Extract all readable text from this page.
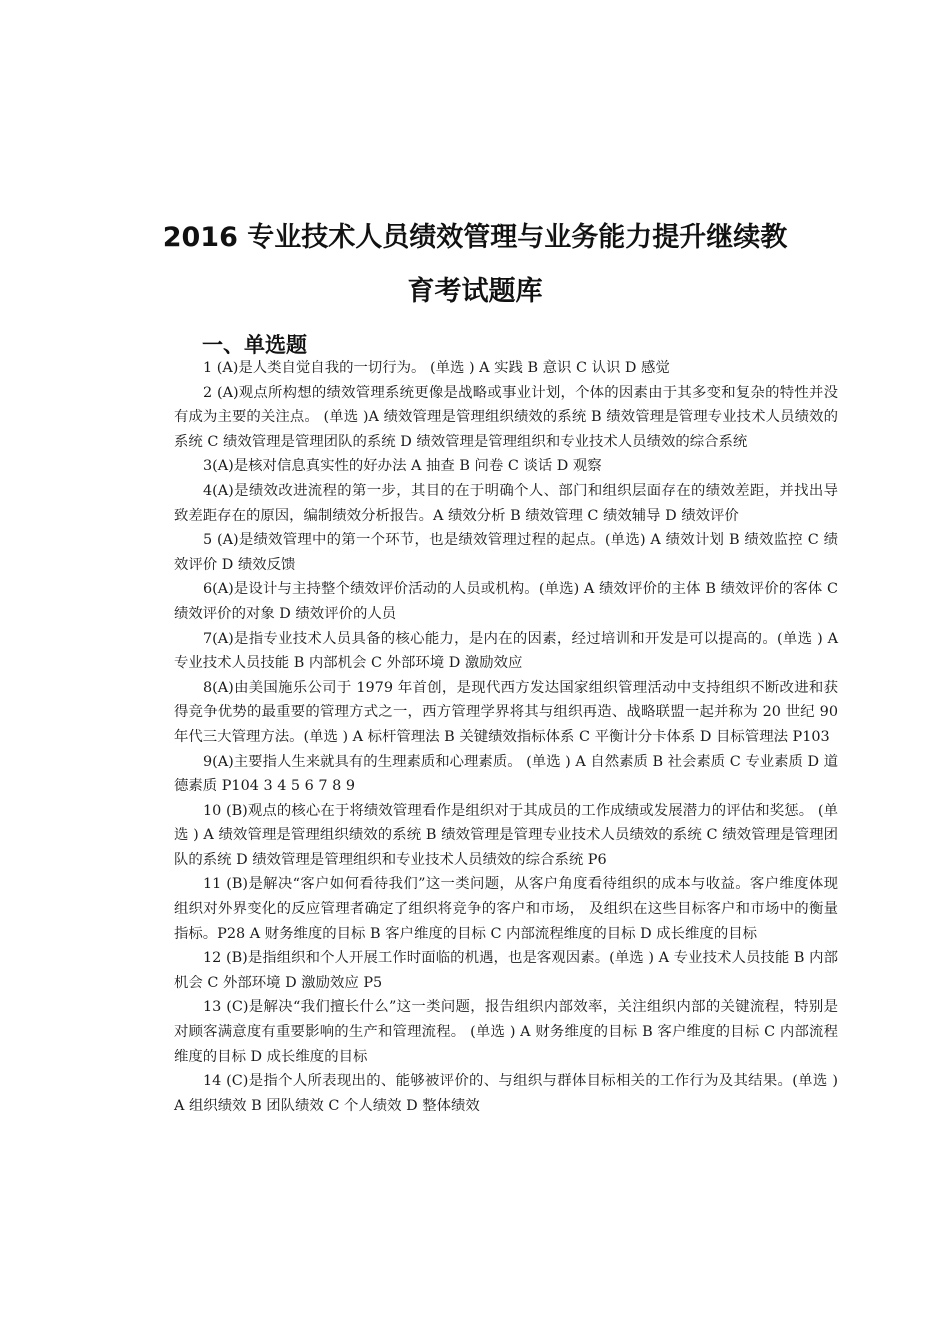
2016 专业技术人员绩效管理与业务能力提升继续教
育考试题库
一、单选题

1 (A)是人类自觉自我的一切行为。 (单选 ) A 实践 B 意识 C 认识 D 感觉

2 (A)观点所构想的绩效管理系统更像是战略或事业计划，个体的因素由于其多变和复杂的特性并没有成为主要的关注点。 (单选 )A 绩效管理是管理组织绩效的系统 B 绩效管理是管理专业技术人员绩效的系统 C 绩效管理是管理团队的系统 D 绩效管理是管理组织和专业技术人员绩效的综合系统

3(A)是核对信息真实性的好办法 A 抽查 B 问卷 C 谈话 D 观察

4(A)是绩效改进流程的第一步，其目的在于明确个人、部门和组织层面存在的绩效差距，并找出导致差距存在的原因，编制绩效分析报告。A 绩效分析 B 绩效管理 C 绩效辅导 D 绩效评价

5 (A)是绩效管理中的第一个环节，也是绩效管理过程的起点。(单选) A 绩效计划 B 绩效监控 C 绩效评价 D 绩效反馈

6(A)是设计与主持整个绩效评价活动的人员或机构。(单选) A 绩效评价的主体 B 绩效评价的客体 C 绩效评价的对象 D 绩效评价的人员

7(A)是指专业技术人员具备的核心能力，是内在的因素，经过培训和开发是可以提高的。(单选 ) A 专业技术人员技能 B 内部机会 C 外部环境 D 激励效应

8(A)由美国施乐公司于 1979 年首创，是现代西方发达国家组织管理活动中支持组织不断改进和获得竞争优势的最重要的管理方式之一，西方管理学界将其与组织再造、战略联盟一起并称为 20 世纪 90 年代三大管理方法。(单选 ) A 标杆管理法 B 关键绩效指标体系 C 平衡计分卡体系 D 目标管理法 P103

9(A)主要指人生来就具有的生理素质和心理素质。 (单选 ) A 自然素质 B 社会素质 C 专业素质 D 道德素质 P104 3 4 5 6 7 8 9

10 (B)观点的核心在于将绩效管理看作是组织对于其成员的工作成绩或发展潜力的评估和奖惩。 (单选 ) A 绩效管理是管理组织绩效的系统 B 绩效管理是管理专业技术人员绩效的系统 C 绩效管理是管理团队的系统 D 绩效管理是管理组织和专业技术人员绩效的综合系统 P6

11 (B)是解决“客户如何看待我们”这一类问题，从客户角度看待组织的成本与收益。客户维度体现组织对外界变化的反应管理者确定了组织将竞争的客户和市场， 及组织在这些目标客户和市场中的衡量指标。P28 A 财务维度的目标 B 客户维度的目标 C 内部流程维度的目标 D 成长维度的目标

12 (B)是指组织和个人开展工作时面临的机遇，也是客观因素。(单选 ) A 专业技术人员技能 B 内部机会 C 外部环境 D 激励效应 P5

13 (C)是解决“我们擅长什么”这一类问题，报告组织内部效率，关注组织内部的关键流程，特别是对顾客满意度有重要影响的生产和管理流程。 (单选 ) A 财务维度的目标 B 客户维度的目标 C 内部流程维度的目标 D 成长维度的目标

14 (C)是指个人所表现出的、能够被评价的、与组织与群体目标相关的工作行为及其结果。(单选 ) A 组织绩效 B 团队绩效 C 个人绩效 D 整体绩效
